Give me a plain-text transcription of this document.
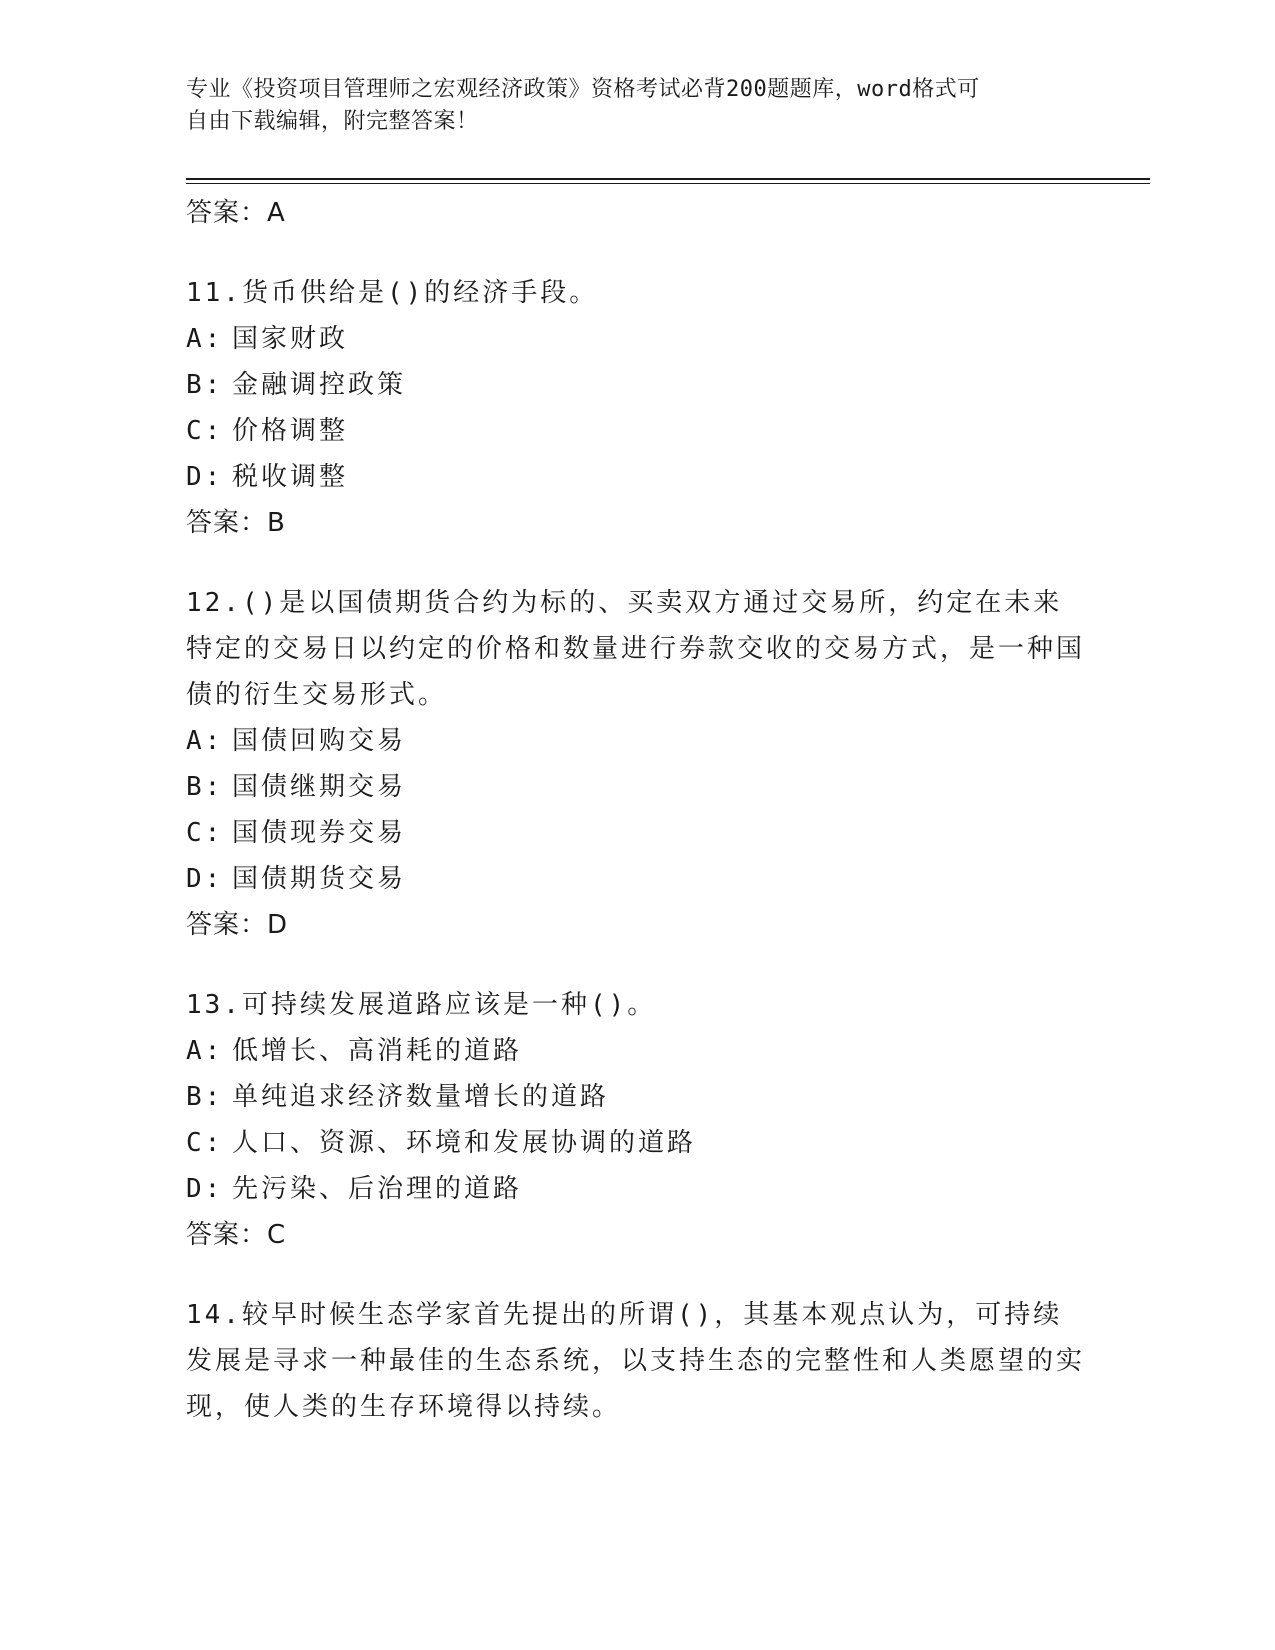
专业《投资项目管理师之宏观经济政策》资格考试必背200题题库，word格式可
自由下载编辑，附完整答案！
答案：A
11.货币供给是()的经济手段。
A: 国家财政
B: 金融调控政策
C: 价格调整
D: 税收调整
答案：B
12.()是以国债期货合约为标的、买卖双方通过交易所，约定在未来特定的交易日以约定的价格和数量进行券款交收的交易方式，是一种国债的衍生交易形式。
A: 国债回购交易
B: 国债继期交易
C: 国债现券交易
D: 国债期货交易
答案：D
13.可持续发展道路应该是一种()。
A: 低增长、高消耗的道路
B: 单纯追求经济数量增长的道路
C: 人口、资源、环境和发展协调的道路
D: 先污染、后治理的道路
答案：C
14.较早时候生态学家首先提出的所谓()，其基本观点认为，可持续发展是寻求一种最佳的生态系统，以支持生态的完整性和人类愿望的实现，使人类的生存环境得以持续。
